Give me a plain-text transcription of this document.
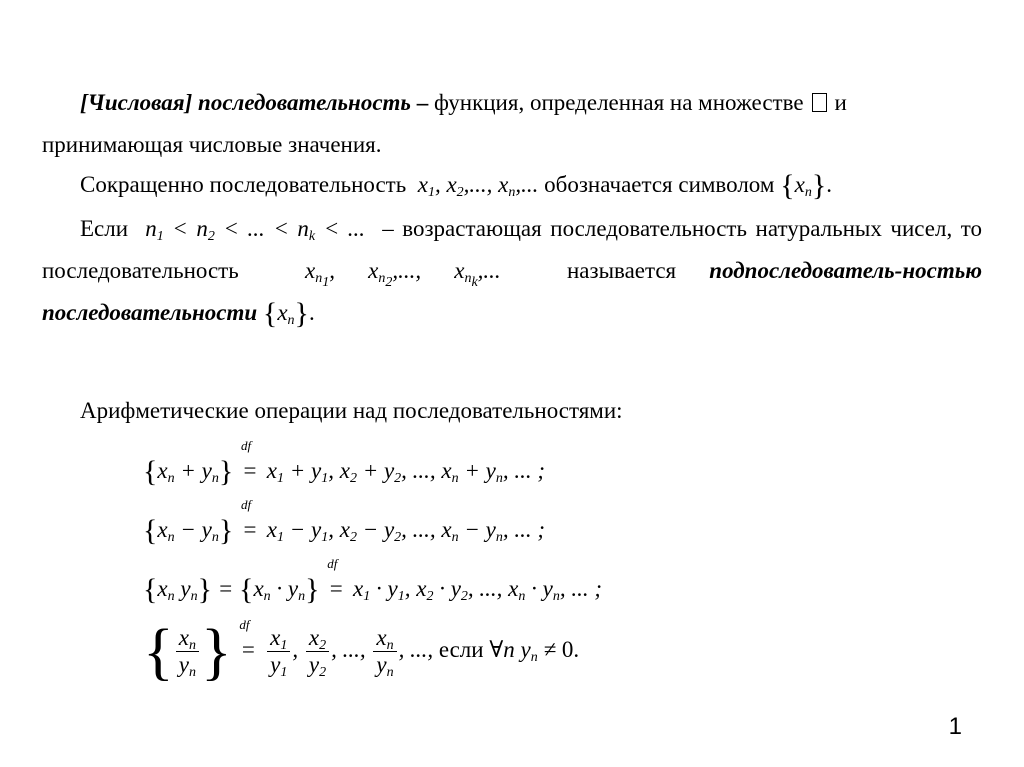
[Числовая] последовательность – функция, определенная на множестве и
принимающая числовые значения.
Сокращенно последовательность  $x_1$, $x_2$,..., $x_n$,... обозначается символом $\{x_n\}$.
Если  $n_1 < n_2$ < ... < $n_k$ < ...  – возрастающая последовательность натуральных чисел, то последовательность  $x_{n_1}$, $x_{n_2}$,..., $x_{n_k}$,...  называется подпоследователь-ностью последовательности $\{x_n\}$.
Арифметические операции над последовательностями:
$\{x_n + y_n\}$
df
= $x_1 + y_1$, $x_2 + y_2$, ..., $x_n + y_n$, ... ;
$\{x_n - y_n\}$
df
= $x_1 - y_1$, $x_2 - y_2$, ..., $x_n - y_n$, ... ;
{$x_n$ $y_n\} = \{x_n \cdot y_n\}$
df
= $x_1 \cdot y_1$, $x_2 \cdot y_2$, ..., $x_n \cdot y_n$, ... ;
{ $\frac{x_n}{y_n}$ } df
= $\frac{x_1}{y_1}$ , $\frac{x_2}{y_2}$ , ..., $\frac{x_n}{y_n}$ , ..., если ∀n $y_n \ne 0$.
1
